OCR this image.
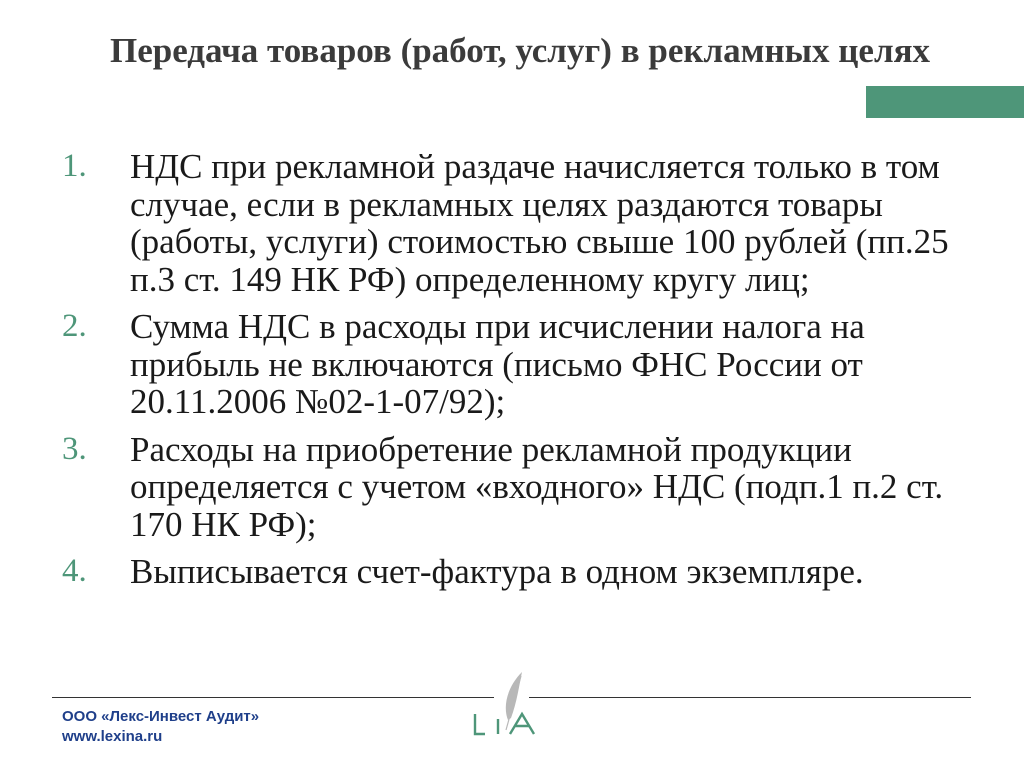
Передача товаров (работ, услуг) в рекламных целях
1. НДС при рекламной раздаче начисляется только в том случае, если в рекламных целях раздаются товары (работы, услуги) стоимостью свыше 100 рублей (пп.25 п.3 ст. 149 НК РФ) определенному кругу лиц;
2. Сумма НДС в расходы при исчислении налога на прибыль не включаются (письмо ФНС России от 20.11.2006 №02-1-07/92);
3. Расходы на приобретение рекламной продукции определяется с учетом «входного» НДС (подп.1 п.2 ст. 170 НК РФ);
4. Выписывается счет-фактура в одном экземпляре.
ООО «Лекс-Инвест Аудит»
www.lexina.ru
